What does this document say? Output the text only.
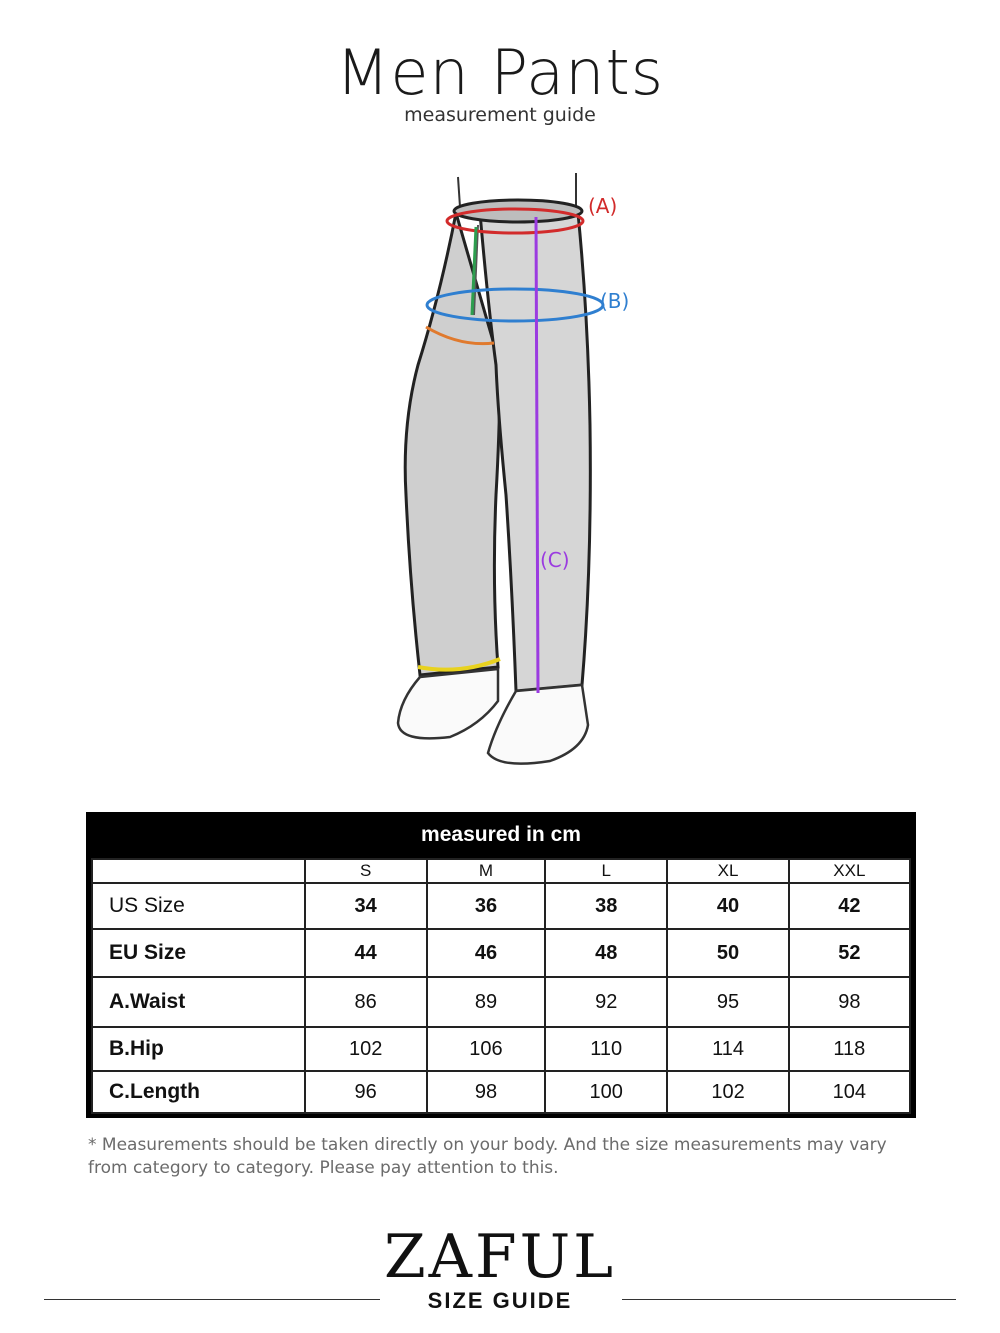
Men Pants
measurement guide
(A)
(B)
(C)
measured in cm
	S	M	L	XL	XXL
US Size	34	36	38	40	42
EU Size	44	46	48	50	52
A.Waist	86	89	92	95	98
B.Hip	102	106	110	114	118
C.Length	96	98	100	102	104
* Measurements should be taken directly on your body. And the size measurements may vary from category to category. Please pay attention to this.
ZAFUL
SIZE GUIDE
